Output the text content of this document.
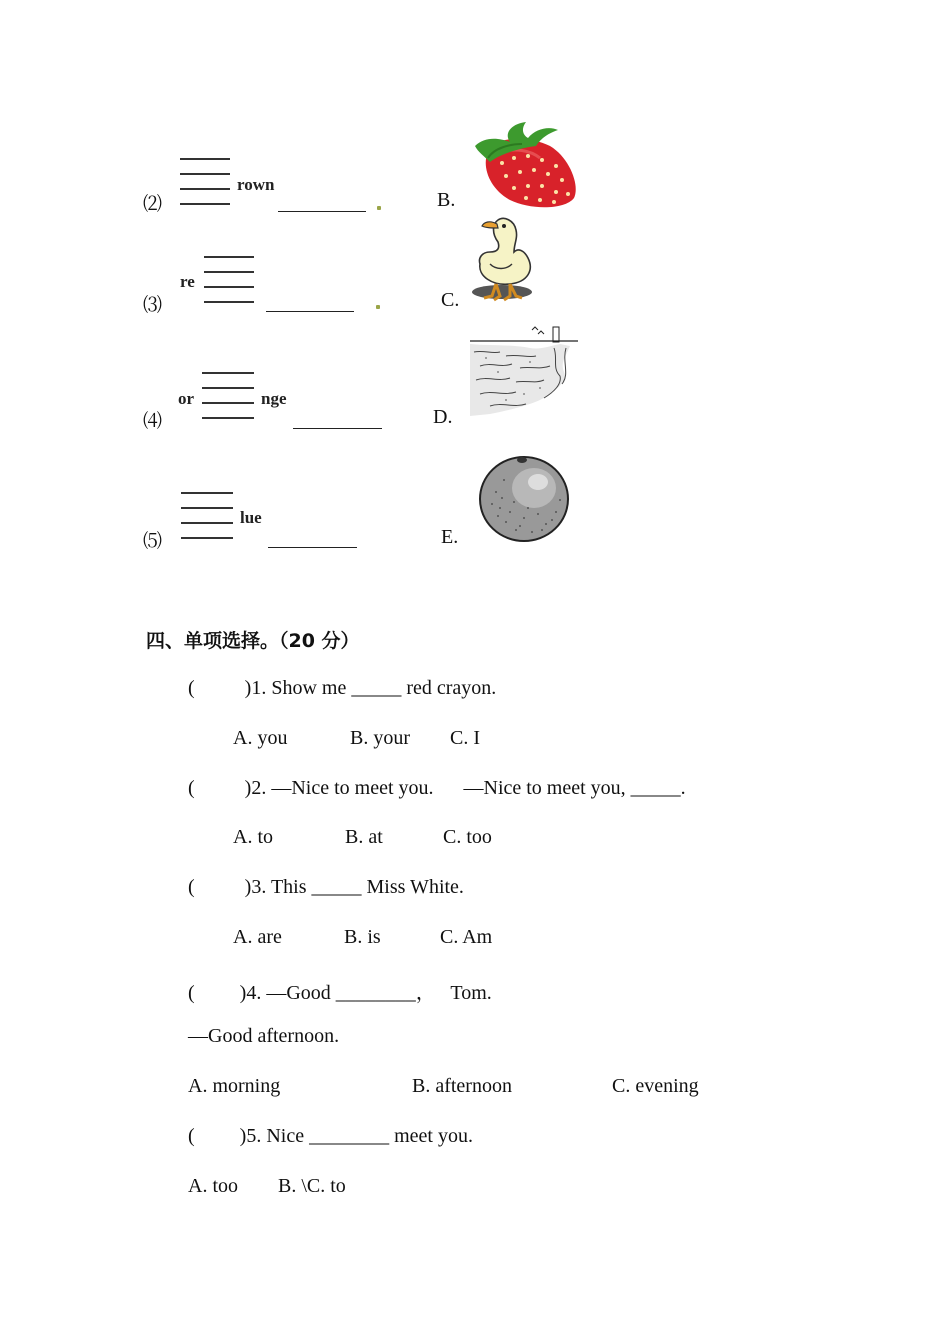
rown
⑵	B.
re
⑶	C.
or	nge
⑷	D.
lue
⑸	E.
四、单项选择。（20 分）
(          )1. Show me _____ red crayon.
A. you	B. your C. I
(          )2. —Nice to meet you.      —Nice to meet you, _____.
A. to	B. at	C. too
(          )3. This _____ Miss White.
A. are	B. is	C. Am
(         )4. —Good ________，   Tom.
—Good afternoon.
A. morning	B. afternoon	C. evening
(         )5. Nice ________ meet you.
A. too B. \C. to
